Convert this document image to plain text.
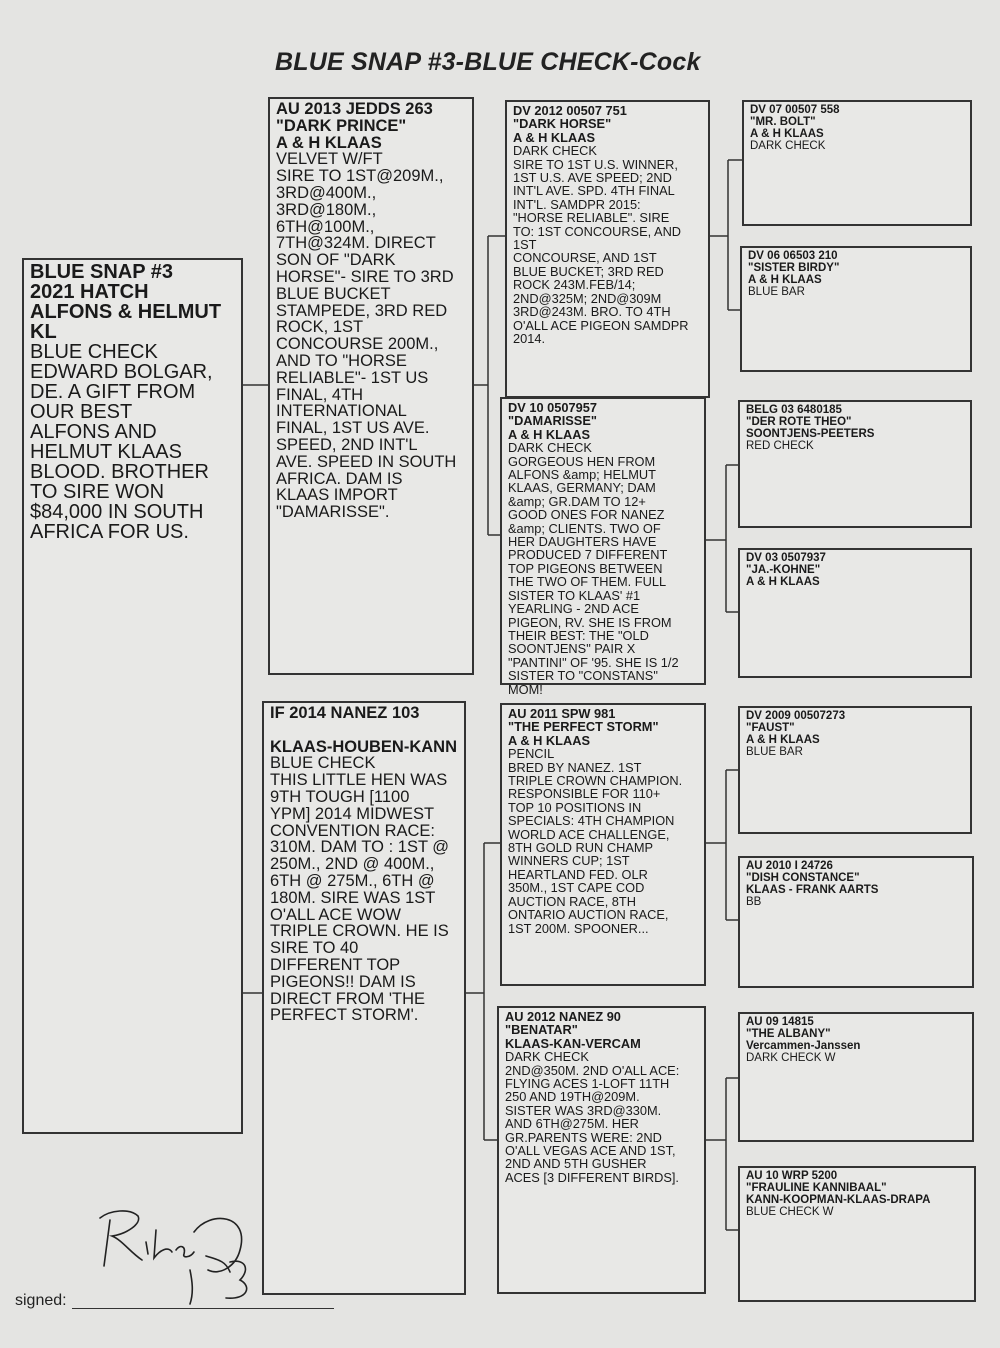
BLUE SNAP #3-BLUE CHECK-Cock
BLUE SNAP #3
2021 HATCH
ALFONS & HELMUT KL
BLUE CHECK
EDWARD BOLGAR,
DE. A GIFT FROM
OUR BEST
ALFONS AND
HELMUT KLAAS
BLOOD. BROTHER
TO SIRE WON
$84,000 IN SOUTH
AFRICA FOR US.
AU 2013 JEDDS 263
"DARK PRINCE"
A & H KLAAS
VELVET W/FT
SIRE TO 1ST@209M.,
3RD@400M.,
3RD@180M.,
6TH@100M.,
7TH@324M. DIRECT
SON OF "DARK
HORSE"- SIRE TO 3RD
BLUE BUCKET
STAMPEDE, 3RD RED
ROCK, 1ST
CONCOURSE 200M.,
AND TO "HORSE
RELIABLE"- 1ST US
FINAL, 4TH
INTERNATIONAL
FINAL, 1ST US AVE.
SPEED, 2ND INT'L
AVE. SPEED IN SOUTH
AFRICA. DAM IS
KLAAS IMPORT
"DAMARISSE".
IF 2014 NANEZ 103

KLAAS-HOUBEN-KANN
BLUE CHECK
THIS LITTLE HEN WAS
9TH TOUGH [1100
YPM] 2014 MIDWEST
CONVENTION RACE:
310M. DAM TO : 1ST @
250M., 2ND @ 400M.,
6TH @ 275M., 6TH @
180M. SIRE WAS 1ST
O'ALL ACE WOW
TRIPLE CROWN. HE IS
SIRE TO 40
DIFFERENT TOP
PIGEONS!! DAM IS
DIRECT FROM 'THE
PERFECT STORM'.
DV 2012 00507 751
"DARK HORSE"
A & H KLAAS
DARK CHECK
SIRE TO 1ST U.S. WINNER,
1ST U.S. AVE SPEED; 2ND
INT'L AVE. SPD. 4TH FINAL
INT'L. SAMDPR 2015:
"HORSE RELIABLE". SIRE
TO: 1ST CONCOURSE, AND 1ST
CONCOURSE, AND 1ST
BLUE BUCKET; 3RD RED
ROCK 243M.FEB/14;
2ND@325M; 2ND@309M
3RD@243M. BRO. TO 4TH
O'ALL ACE PIGEON SAMDPR
2014.
DV 10 0507957
"DAMARISSE"
A & H KLAAS
DARK CHECK
GORGEOUS HEN FROM
ALFONS &amp; HELMUT
KLAAS, GERMANY; DAM
&amp; GR.DAM TO 12+
GOOD ONES FOR NANEZ
&amp; CLIENTS. TWO OF
HER DAUGHTERS HAVE
PRODUCED 7 DIFFERENT
TOP PIGEONS BETWEEN
THE TWO OF THEM. FULL
SISTER TO KLAAS' #1
YEARLING - 2ND ACE
PIGEON, RV. SHE IS FROM
THEIR BEST: THE "OLD
SOONTJENS" PAIR X
"PANTINI" OF '95. SHE IS 1/2
SISTER TO "CONSTANS"
MOM!
AU 2011 SPW 981
"THE PERFECT STORM"
A & H KLAAS
PENCIL
BRED BY NANEZ. 1ST
TRIPLE CROWN CHAMPION.
RESPONSIBLE FOR 110+
TOP 10 POSITIONS IN
SPECIALS: 4TH CHAMPION
WORLD ACE CHALLENGE,
8TH GOLD RUN CHAMP
WINNERS CUP; 1ST
HEARTLAND FED. OLR
350M., 1ST CAPE COD
AUCTION RACE, 8TH
ONTARIO AUCTION RACE,
1ST 200M. SPOONER...
AU 2012 NANEZ 90
"BENATAR"
KLAAS-KAN-VERCAM
DARK CHECK
2ND@350M. 2ND O'ALL ACE:
FLYING ACES 1-LOFT 11TH
250 AND 19TH@209M.
SISTER WAS 3RD@330M.
AND 6TH@275M. HER
GR.PARENTS WERE: 2ND
O'ALL VEGAS ACE AND 1ST,
2ND AND 5TH GUSHER
ACES [3 DIFFERENT BIRDS].
DV 07 00507 558
"MR. BOLT"
A & H KLAAS
DARK CHECK
DV 06 06503 210
"SISTER BIRDY"
A & H KLAAS
BLUE BAR
BELG 03 6480185
"DER ROTE THEO"
SOONTJENS-PEETERS
RED CHECK
DV 03 0507937
"JA.-KOHNE"
A & H KLAAS
DV 2009 00507273
"FAUST"
A & H KLAAS
BLUE BAR
AU 2010 I 24726
"DISH CONSTANCE"
KLAAS - FRANK AARTS
BB
AU 09 14815
"THE ALBANY"
Vercammen-Janssen
DARK CHECK W
AU 10 WRP 5200
"FRAULINE KANNIBAAL"
KANN-KOOPMAN-KLAAS-DRAPA
BLUE CHECK W
signed:
